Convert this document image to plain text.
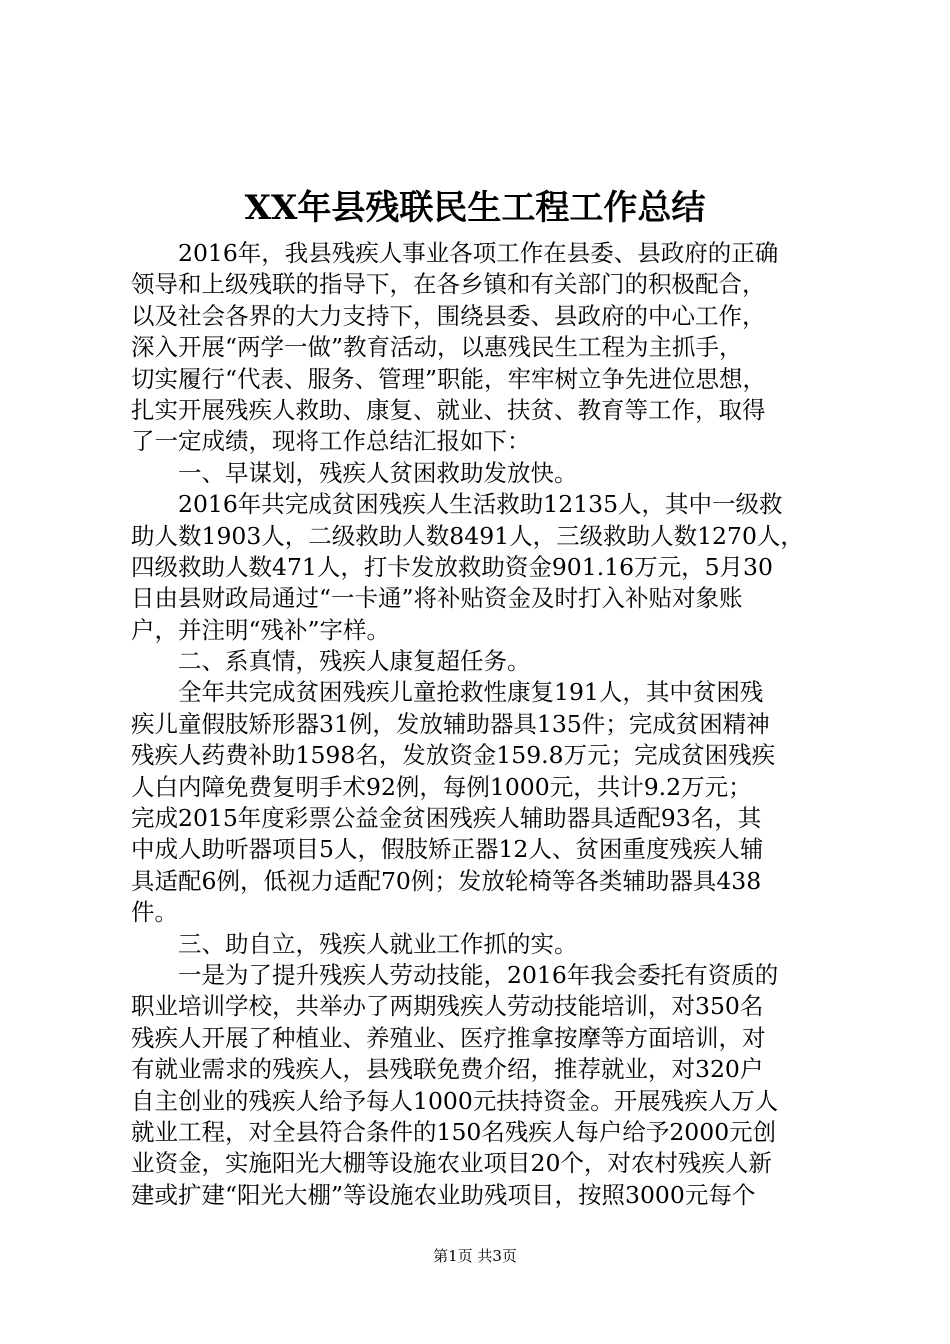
XX年县残联民生工程工作总结
2016年，我县残疾人事业各项工作在县委、县政府的正确
领导和上级残联的指导下，在各乡镇和有关部门的积极配合，
以及社会各界的大力支持下，围绕县委、县政府的中心工作，
深入开展“两学一做”教育活动，以惠残民生工程为主抓手，
切实履行“代表、服务、管理”职能，牢牢树立争先进位思想，
扎实开展残疾人救助、康复、就业、扶贫、教育等工作，取得
了一定成绩，现将工作总结汇报如下：
一、早谋划，残疾人贫困救助发放快。
2016年共完成贫困残疾人生活救助12135人，其中一级救
助人数1903人，二级救助人数8491人，三级救助人数1270人，
四级救助人数471人，打卡发放救助资金901.16万元，5月30
日由县财政局通过“一卡通”将补贴资金及时打入补贴对象账
户，并注明“残补”字样。
二、系真情，残疾人康复超任务。
全年共完成贫困残疾儿童抢救性康复191人，其中贫困残
疾儿童假肢矫形器31例，发放辅助器具135件；完成贫困精神
残疾人药费补助1598名，发放资金159.8万元；完成贫困残疾
人白内障免费复明手术92例，每例1000元，共计9.2万元；
完成2015年度彩票公益金贫困残疾人辅助器具适配93名，其
中成人助听器项目5人，假肢矫正器12人、贫困重度残疾人辅
具适配6例，低视力适配70例；发放轮椅等各类辅助器具438
件。
三、助自立，残疾人就业工作抓的实。
一是为了提升残疾人劳动技能，2016年我会委托有资质的
职业培训学校，共举办了两期残疾人劳动技能培训，对350名
残疾人开展了种植业、养殖业、医疗推拿按摩等方面培训，对
有就业需求的残疾人，县残联免费介绍，推荐就业，对320户
自主创业的残疾人给予每人1000元扶持资金。开展残疾人万人
就业工程，对全县符合条件的150名残疾人每户给予2000元创
业资金，实施阳光大棚等设施农业项目20个，对农村残疾人新
建或扩建“阳光大棚”等设施农业助残项目，按照3000元每个
第1页 共3页
